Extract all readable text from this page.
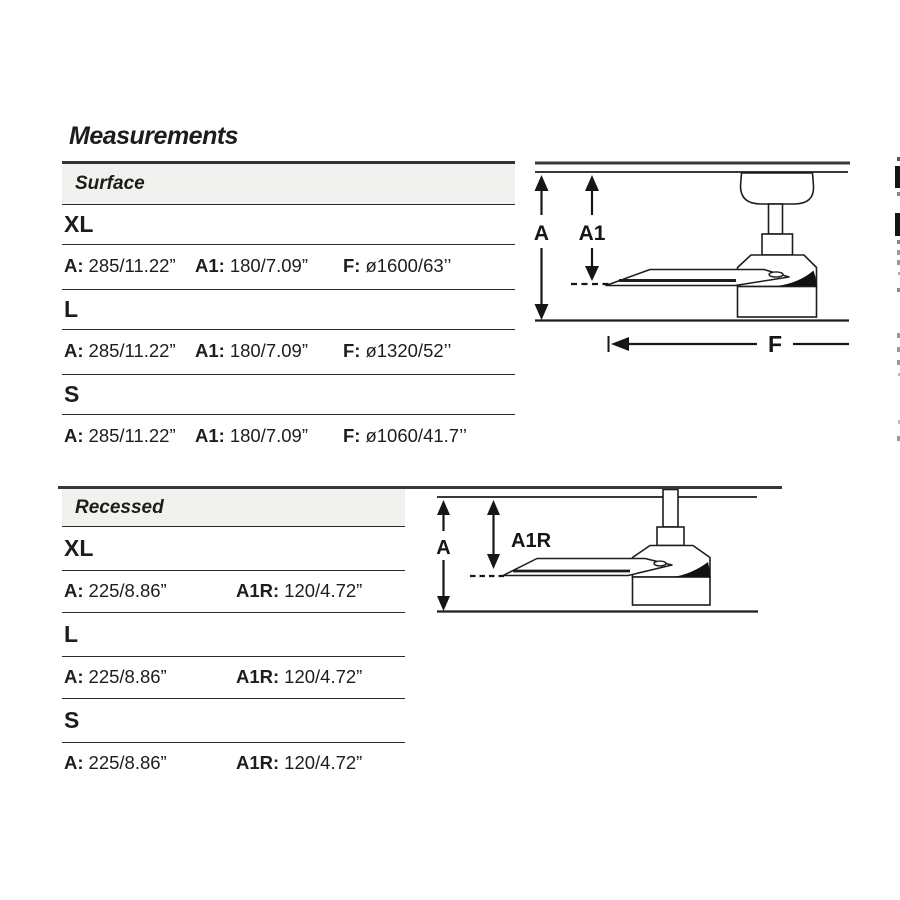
Measurements
Surface
XL
A: 285/11.22”	A1: 180/7.09”	F: ø1600/63’’
L
A: 285/11.22”	A1: 180/7.09”	F: ø1320/52’’
S
A: 285/11.22”	A1: 180/7.09”	F: ø1060/41.7’’
A A1
F
Recessed
XL
A: 225/8.86”	A1R: 120/4.72”
L
A: 225/8.86”	A1R: 120/4.72”
S
A: 225/8.86”	A1R: 120/4.72”
A	A1R
